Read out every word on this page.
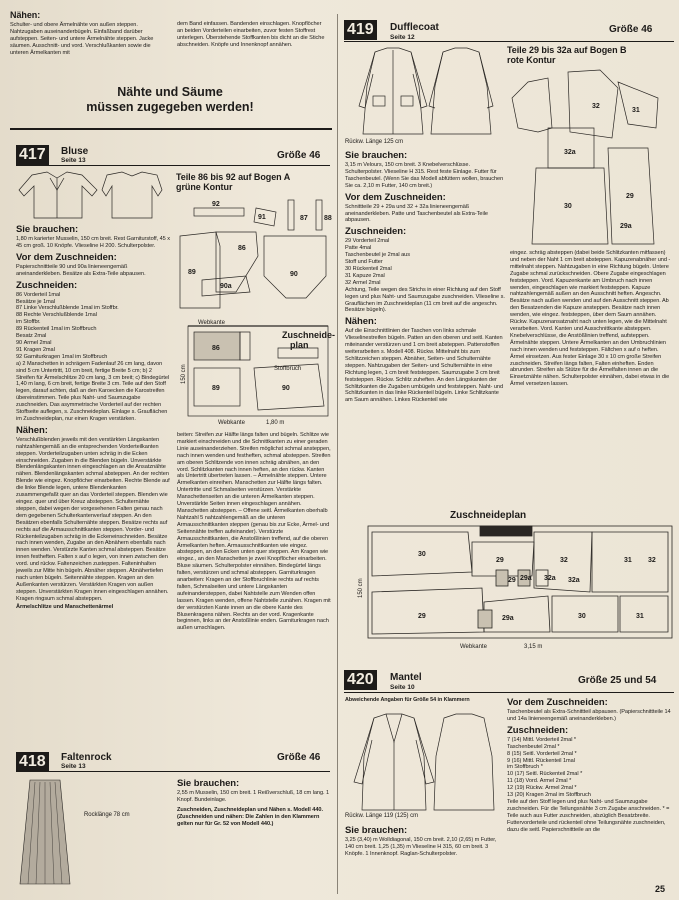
Nähen:

Schulter- und obere Ärmelnähte von außen steppen. Nahtzugaben auseinanderbügeln. Einfaßband darüber aufsteppen. Seiten- und untere Ärmelnähte steppen. Jacke säumen. Ausschnitt- und vord. Verschlußkanten sowie die unteren Ärmelkanten mit

dem Band einfassen. Bandenden einschlagen. Knopflöcher an beiden Vorderteilen einarbeiten, zuvor festen Stoffrest unterlegen. Überstehende Stoffkanten bis dicht an die Stiche abschneiden. Knöpfe und Innenknopf annähen.

Nähte und Säume
müssen zugegeben werden!
417	Bluse
Seite 13	Größe 46
Teile 86 bis 92 auf Bogen A
grüne Kontur
92
87 88
91
86
89
90a
90
Sie brauchen:

1,80 m karierter Musselin, 150 cm breit. Rest Garniturstoff, 45 x 45 cm groß. 10 Knöpfe. Vlieseline H 200. Schulterpolster.

Vor dem Zuschneiden:

Papierschnittteile 90 und 90a linieneengemäß aneinanderkleben. Besätze als Extra-Teile abpausen.

Zuschneiden:
86 Vorderteil 1mal
Besätze je 1mal
87 Linke Verschlußblende 1mal im Stoffbr.
88 Rechte Verschlußblende 1mal
im Stoffbr.
89 Rückenteil 1mal im Stoffbruch
Besatz 2mal
90 Ärmel 2mal
91 Kragen 2mal
92 Garniturkragen 1mal im Stoffbruch

a) 2 Manschetten in schrägem Fadenlauf 26 cm lang, davon sind 5 cm Untertritt, 10 cm breit, fertige Breite 5 cm; b) 2 Streifen für Ärmelschlitze 20 cm lang, 3 cm breit; c) Bindegürtel 1,40 m lang, 6 cm breit, fertige Breite 3 cm. Teile auf den Stoff legen, darauf achten, daß an den Karoecken die Karostreifen übereinstimmen. Teile plus Naht- und Saumzugabe zuschneiden. Das asymmetrische Vorderteil auf der rechten Stoffseite auflegen, s. Zuschneideplan. Einlage s. Grauflächen im Zuschneideplan, nur einen Kragen verstärken.

Nähen:

Verschlußblenden jeweils mit den verstärkten Längskanten nahtzahlengemäß an die entsprechenden Vorderteilkanten steppen. Vorderteilzugaben unten schräg in die Ecken einschneiden. Zugaben in die Blenden bügeln. Unverstärkte Blendenlängskanten innen eingeschlagen an die Ansatznähte nähen. Blendenlängskanten schmal absteppen. An der rechten Blende wie eingez. Knopflöcher einarbeiten. Rechte Blende auf die linke Blende legen, untere Blendenkanten zusammengefaßt quer an das Vorderteil steppen. Blenden wie eingez. quer und über Kreuz absteppen. Schulternähte steppen, dabei wegen der vorgesehenen Falten genau nach dem gegebenen Schulterkantenverlauf steppen. An den Besätzen ebenfalls Schulternähte steppen. Besätze rechts auf rechts auf die Armausschnittkanten steppen. Vorder- und Rückenteilzugaben schräg in die Eckeneinschneiden. Besätze nach innen wenden, Zugabe an den Abnähern ebenfalls nach innen wenden. Verstürzte Kanten schmal absteppen. Besätze innen festheften. Falten x auf o legen, von innen zwischen den vord. und rückw. Faltenzeichen zusteppen. Falteninhalten jeweils zur Mitte hin bügeln. Abnäher steppen. Abnähertiefen nach unten bügeln. Seitennähte steppen. Kragen an den Außenkanten verstürzen. Verstärkten Kragen von außen steppen. Unverstärkten Kragen innen eingeschlagen annähen. Kragen ringsum schmal absteppen.

Ärmelschlitze und Manschettenärmel

Webkante
Webkante	1,80 m
150 cm
Zuschneide-
plan
Stoffbruch
86
89	90

beiten: Streifen zur Hälfte längs falten und bügeln. Schlitze wie markiert einschneiden und die Schnittkanten zu einer geraden Linie auseinanderziehen. Streifen möglichst schmal ansteppen, nach innen wenden und festheften, schmal absteppen. Streifen am oberen Schlitzende von innen schräg abnähen, an den vord. Schlitzkanten nach innen heften, an den rückw. Kanten als Untertritt übertreten lassen. – Ärmelnähte steppen. Untere Ärmelkanten einreihen. Manschetten zur Hälfte längs falten. Untertritte und Schmalseiten verstürzen. Verstärkte Manschettenseiten an die unteren Ärmelkanten steppen. Unverstärkte Seiten innen eingeschlagen annähen. Manschetten absteppen. – Offene seitl. Ärmelkanten oberhalb Nahtzahl 5 nahtzahlengemäß an die unteren Armausschnittkanten steppen (genau bis zur Ecke, Ärmel- und Seitennähte treffen aufeinander). Verstürzte Armausschnittkanten, die Anstoßlinien treffend, auf die oberen Ärmelkanten heften. Armausschnittkanten wie eingez. absteppen, an den Ecken unten quer steppen. Am Kragen wie eingez., an den Manschetten je zwei Knopflöcher einarbeiten. Bluse säumen. Schulterpolster einnähen. Bindegürtel längs falten, verstürzen und schmal absteppen. Garniturkragen anarbeiten: Kragen an der Stoffbruchlinie rechts auf rechts falten, Schmalseiten und untere Längskanten aufeinandersteppen, dabei Nahtstelle zum Wenden offen lassen. Kragen wenden, offene Nahtstelle zunähen. Kragen mit der verstürzten Kante innen an die obere Kante des Blusenkragens nähen. Rechts an der vord. Kragenkante beginnen, links an der Anstoßlinie enden. Garniturkragen nach außen umschlagen.

418	Faltenrock
Seite 13
Größe 46
Rocklänge 78 cm
Sie brauchen:

2,55 m Musselin, 150 cm breit. 1 Reißverschluß, 18 cm lang. 1 Knopf. Bundeinlage.

Zuschneiden, Zuschneideplan und Nähen s. Modell 440. (Zuschneiden und nähen: Die Zahlen in den Klammern gelten nur für Gr. 52 von Modell 440.)

419	Dufflecoat
Seite 12
Größe 46
Teile 29 bis 32a auf Bogen B
rote Kontur
32
31
32a
29
29a
30
Rückw. Länge 125 cm
Sie brauchen:

3,15 m Velours, 150 cm breit. 3 Knebelverschlüsse. Schulterpolster. Vlieseline H 315. Rest feste Einlage. Futter für Taschenbeutel. (Wenn Sie das Modell abfüttern wollen, brauchen Sie ca. 2,10 m Futter, 140 cm breit.)

Vor dem Zuschneiden:

Schnittteile 29 + 29a und 32 + 32a linieneengemäß aneinanderkleben. Patte und Taschenbeutel als Extra-Teile abpausen.

Zuschneiden:
29 Vorderteil 2mal
Patte 4mal
Taschenbeutel je 2mal aus
Stoff und Futter
30 Rückenteil 2mal
31 Kapuze 2mal
32 Ärmel 2mal

Achtung, Teile wegen des Strichs in einer Richtung auf den Stoff legen und plus Naht- und Saumzugabe zuschneiden. Vlieseline s. Grauflächen im Zuschneideplan (11 cm breit auf die angeschn. Besätze bügeln).

Nähen:

Auf die Einschnittlinien der Taschen von links schmale Vlieselinestreifen bügeln. Patten an den oberen und seitl. Kanten miteinander verstürzen und 1 cm breit absteppen. Pattenstoffen weiterarbeiten s. Modell 408. Rückw. Mittelnaht bis zum Schlitzzeichen steppen. Abnäher, Seiten- und Schulternähte steppen. Nahtzugaben der Seiten- und Schulternähte in eine Richtung legen, 1 cm breit feststeppen. Saumzugabe 3 cm breit feststeppen. Rückw. Schlitz zuheften. An den Längskanten der Schlitzkanten die Zugaben umbügeln und feststeppen. Naht- und Schlitzkanten in das linke Rückenteil bügeln. Linke Schlitzkante am Saum annähen. Linkes Rückenteil wie

eingez. schräg absteppen (dabei beide Schlitzkanten mitfassen) und neben der Naht 1 cm breit absteppen. Kapuzenabnäher und -mittelnaht steppen. Nahtzugaben in eine Richtung bügeln. Untere Zugabe schmal zurückschneiden. Obere Zugabe eingeschlagen feststeppen. Vord. Kapuzenkante am Umbruch nach innen wenden, eingeschlagen wie markiert feststeppen. Kapuze nahtzahlengemäß außen an den Ausschnitt heften. Angeschn. Besätze nach außen wenden und auf den Ausschnitt steppen. Ab den Besatzenden die Kapuze ansteppen. Besätze nach innen wenden, wie eingez. feststeppen, über dem Saum annähen. Rückw. Kapuzenansatznaht nach unten legen, wie die Mittelnaht verarbeiten. Vord. Kanten und Ausschnittkante absteppen. Knebelverschlüsse, die Anstößlinien treffend, aufsteppen. Ärmelnähte steppen. Untere Ärmelkanten an den Umbruchlinien nach innen wenden und feststeppen. Fältchen x auf o heften. Ärmel einsetzen. Aus fester Einlage 30 x 10 cm große Streifen zuschneiden. Streifen längs falten, Falten einheften. Enden abrunden. Streifen als Stütze für die Ärmelfalten innen an die Einsetznähte nähen. Schulterpolster einnähen, dabei etwas in die Ärmel versetzen lassen.

Zuschneideplan
30
29
29a
32
32a
31
29
29
29a	30	31
32
32a
Webkante	3,15 m
150 cm
420	Mantel
Seite 10
Größe 25 und 54
Abweichende Angaben für Größe 54 in Klammern
Rückw. Länge 119 (125) cm
Sie brauchen:

3,25 (3,40) m Wolldiagonal, 150 cm breit. 2,10 (2,65) m Futter, 140 cm breit. 1,25 (1,35) m Vlieseline H 315, 60 cm breit. 3 Knöpfe. 1 Innenknopf. Raglan-Schulterpolster.

Vor dem Zuschneiden:

Taschenbeutel als Extra-Schnittteil abpausen. (Papierschnittteile 14 und 14a linieneengemäß aneinanderkleben.)

Zuschneiden:
7 (14) Mittl. Vorderteil 2mal *
Taschenbeutel 2mal *
8 (15) Seitl. Vorderteil 2mal *
9 (16) Mittl. Rückenteil 1mal
im Stoffbruch *
10 (17) Seitl. Rückenteil 2mal *
11 (18) Vord. Ärmel 2mal *
12 (19) Rückw. Ärmel 2mal *
13 (20) Kragen 2mal im Stoffbruch

Teile auf den Stoff legen und plus Naht- und Saumzugabe zuschneiden. Für die Teilungsnähte 3 cm Zugabe anschneiden. * = Teile auch aus Futter zuschneiden, abzüglich Besatzbreite. Futtervorderteile und rückenteil ohne Teilungsnähte zuschneiden, dazu die seitl. Papierschnittteile an die

25
